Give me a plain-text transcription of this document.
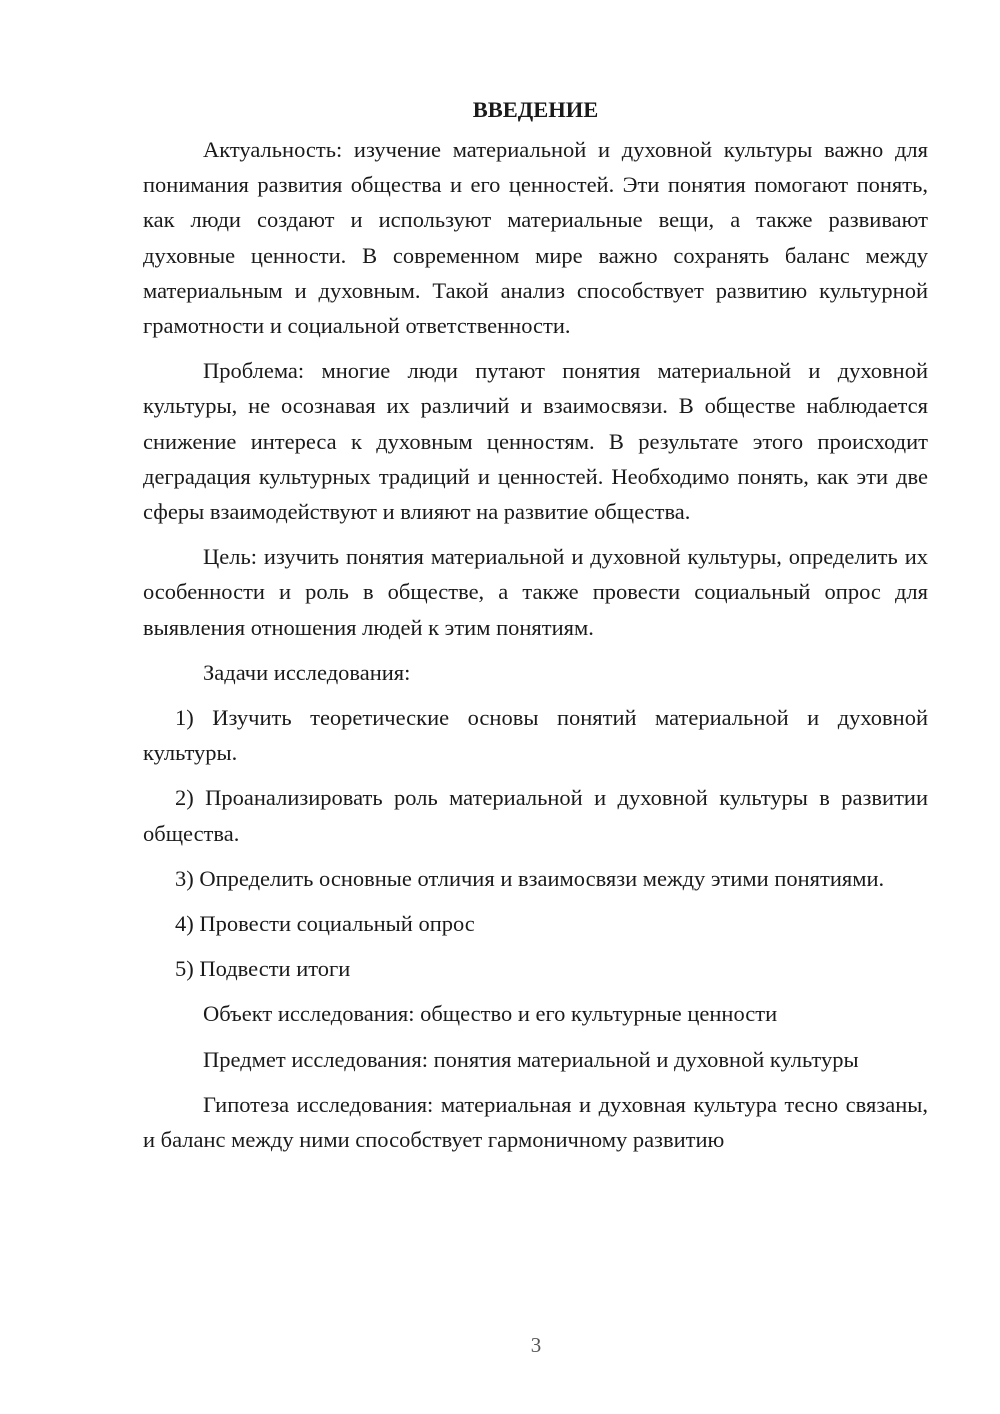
ВВЕДЕНИЕ

Актуальность: изучение материальной и духовной культуры важно для понимания развития общества и его ценностей. Эти понятия помогают понять, как люди создают и используют материальные вещи, а также развивают духовные ценности. В современном мире важно сохранять баланс между материальным и духовным. Такой анализ способствует развитию культурной грамотности и социальной ответственности.

Проблема: многие люди путают понятия материальной и духовной культуры, не осознавая их различий и взаимосвязи. В обществе наблюдается снижение интереса к духовным ценностям. В результате этого происходит деградация культурных традиций и ценностей. Необходимо понять, как эти две сферы взаимодействуют и влияют на развитие общества.

Цель: изучить понятия материальной и духовной культуры, определить их особенности и роль в обществе, а также провести социальный опрос для выявления отношения людей к этим понятиям.

Задачи исследования:

1) Изучить теоретические основы понятий материальной и духовной культуры.

2) Проанализировать роль материальной и духовной культуры в развитии общества.

3) Определить основные отличия и взаимосвязи между этими понятиями.

4) Провести социальный опрос

5) Подвести итоги

Объект исследования: общество и его культурные ценности

Предмет исследования: понятия материальной и духовной культуры

Гипотеза исследования: материальная и духовная культура тесно связаны, и баланс между ними способствует гармоничному развитию

3
